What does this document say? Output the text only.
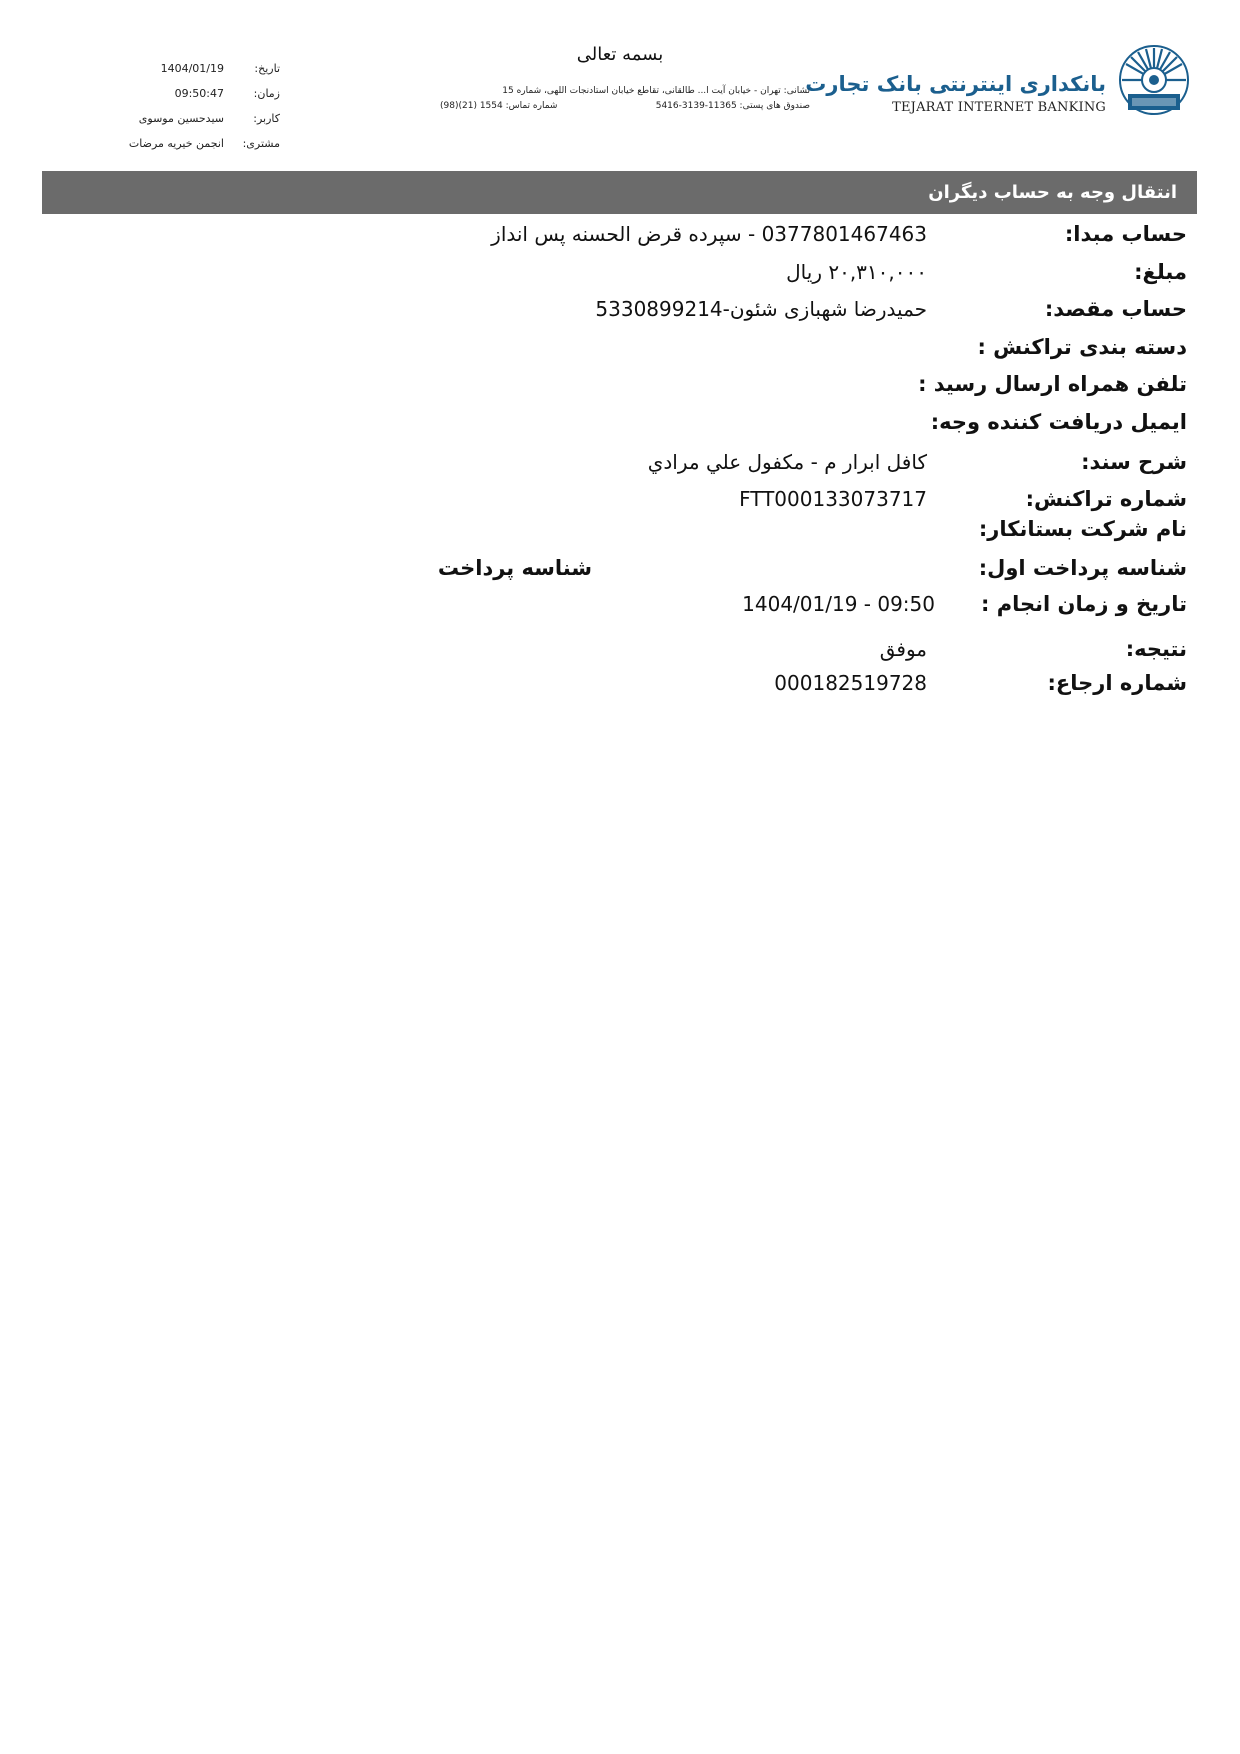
بانکداری اینترنتی بانک تجارت
TEJARAT INTERNET BANKING
بسمه تعالی
نشانی: تهران - خیابان آیت ا... طالقانی، تقاطع خیابان استادنجات اللهی، شماره 15
صندوق های پستی: 11365-3139-5416
شماره تماس: 1554 (21)(98)
تاریخ:
1404/01/19
زمان:
09:50:47
کاربر:
سیدحسین موسوی
مشتری:
انجمن خیریه مرضات
انتقال وجه به حساب دیگران
حساب مبدا:
0377801467463 - سپرده قرض الحسنه پس انداز
مبلغ:
۲۰,۳۱۰,۰۰۰ ریال
حساب مقصد:
حمیدرضا شهبازی شئون-5330899214
دسته بندی تراکنش :
تلفن همراه ارسال رسید :
ایمیل دریافت کننده وجه:
شرح سند:
كافل ابرار م - مكفول علي مرادي
شماره تراکنش:
FTT000133073717
نام شرکت بستانکار:
شناسه پرداخت اول:
شناسه پرداخت
تاریخ و زمان انجام :
1404/01/19 - 09:50
نتیجه:
موفق
شماره ارجاع:
000182519728
